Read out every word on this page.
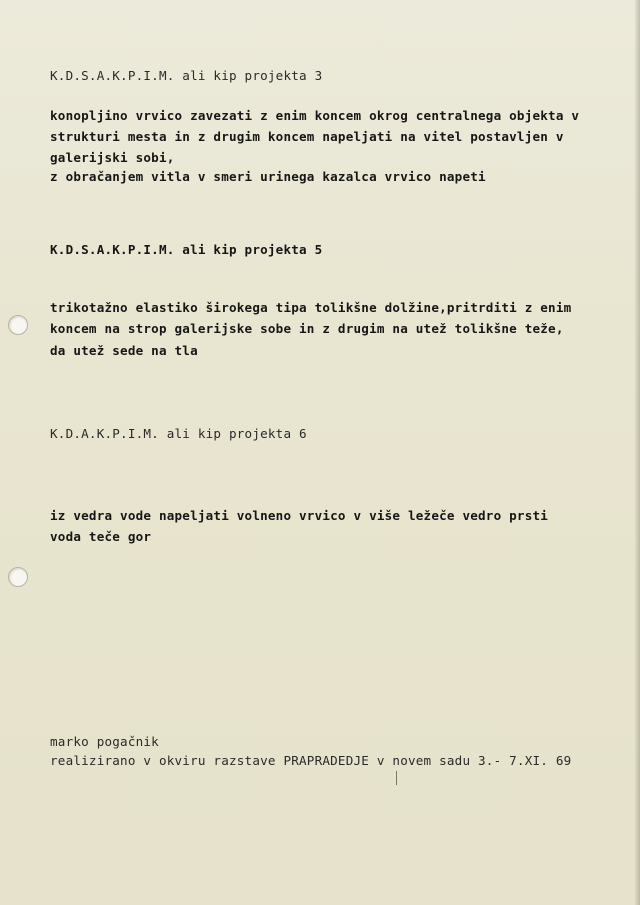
K.D.S.A.K.P.I.M. ali kip projekta 3
konopljino vrvico zavezati z enim koncem okrog centralnega objekta v
strukturi mesta in z drugim koncem napeljati na vitel postavljen v
galerijski sobi,
z obračanjem vitla v smeri urinega kazalca vrvico napeti
K.D.S.A.K.P.I.M. ali kip projekta 5
trikotažno elastiko širokega tipa tolikšne dolžine,pritrditi z enim
koncem na strop galerijske sobe in z drugim na utež tolikšne teže,
da utež sede na tla
K.D.A.K.P.I.M. ali kip projekta 6
iz vedra vode napeljati volneno vrvico v više ležeče vedro prsti
voda teče gor
marko pogačnik
realizirano v okviru razstave PRAPRADEDJE v novem sadu 3.- 7.XI. 69
